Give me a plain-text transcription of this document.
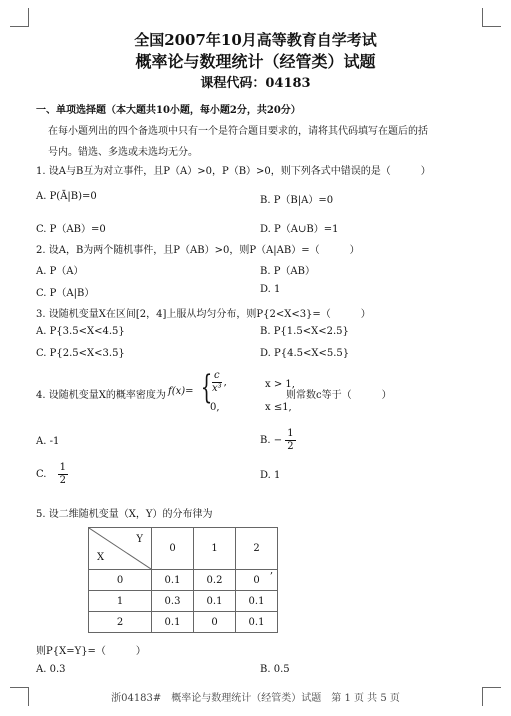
全国2007年10月高等教育自学考试
概率论与数理统计（经管类）试题
课程代码：04183
一、单项选择题（本大题共10小题，每小题2分，共20分）
在每小题列出的四个备选项中只有一个是符合题目要求的，请将其代码填写在题后的括
号内。错选、多选或未选均无分。
1. 设A与B互为对立事件，且P（A）>0，P（B）>0，则下列各式中错误的是（　　　）
A. P(Ā|B)=0	B. P（B|A）=0
C. P（AB）=0	D. P（A∪B）=1
2. 设A，B为两个随机事件，且P（AB）>0，则P（A|AB）=（　　　）
A. P（A）	B. P（AB）
C. P（A|B）	D. 1
3. 设随机变量X在区间[2，4]上服从均匀分布，则P{2<X<3}=（　　　）
A. P{3.5<X<4.5}	B. P{1.5<X<2.5}
C. P{2.5<X<3.5}	D. P{4.5<X<5.5}
4. 设随机变量X的概率密度为 f(x)= {
$\frac{c}{\text{x³}}$ ,	x > 1,
0,	x ≤1,
则常数c等于（　　　）
A. -1	B. − $\frac{1}{2}$
C. $\frac{1}{2}$	D. 1
5. 设二维随机变量（X，Y）的分布律为
Y
X	0	1	2
0	0.1	0.2	0
1	0.3	0.1	0.1
2	0.1	0	0.1
,
则P{X=Y}=（　　　）
A. 0.3	B. 0.5
浙04183#　概率论与数理统计（经管类）试题　第 1 页 共 5 页
